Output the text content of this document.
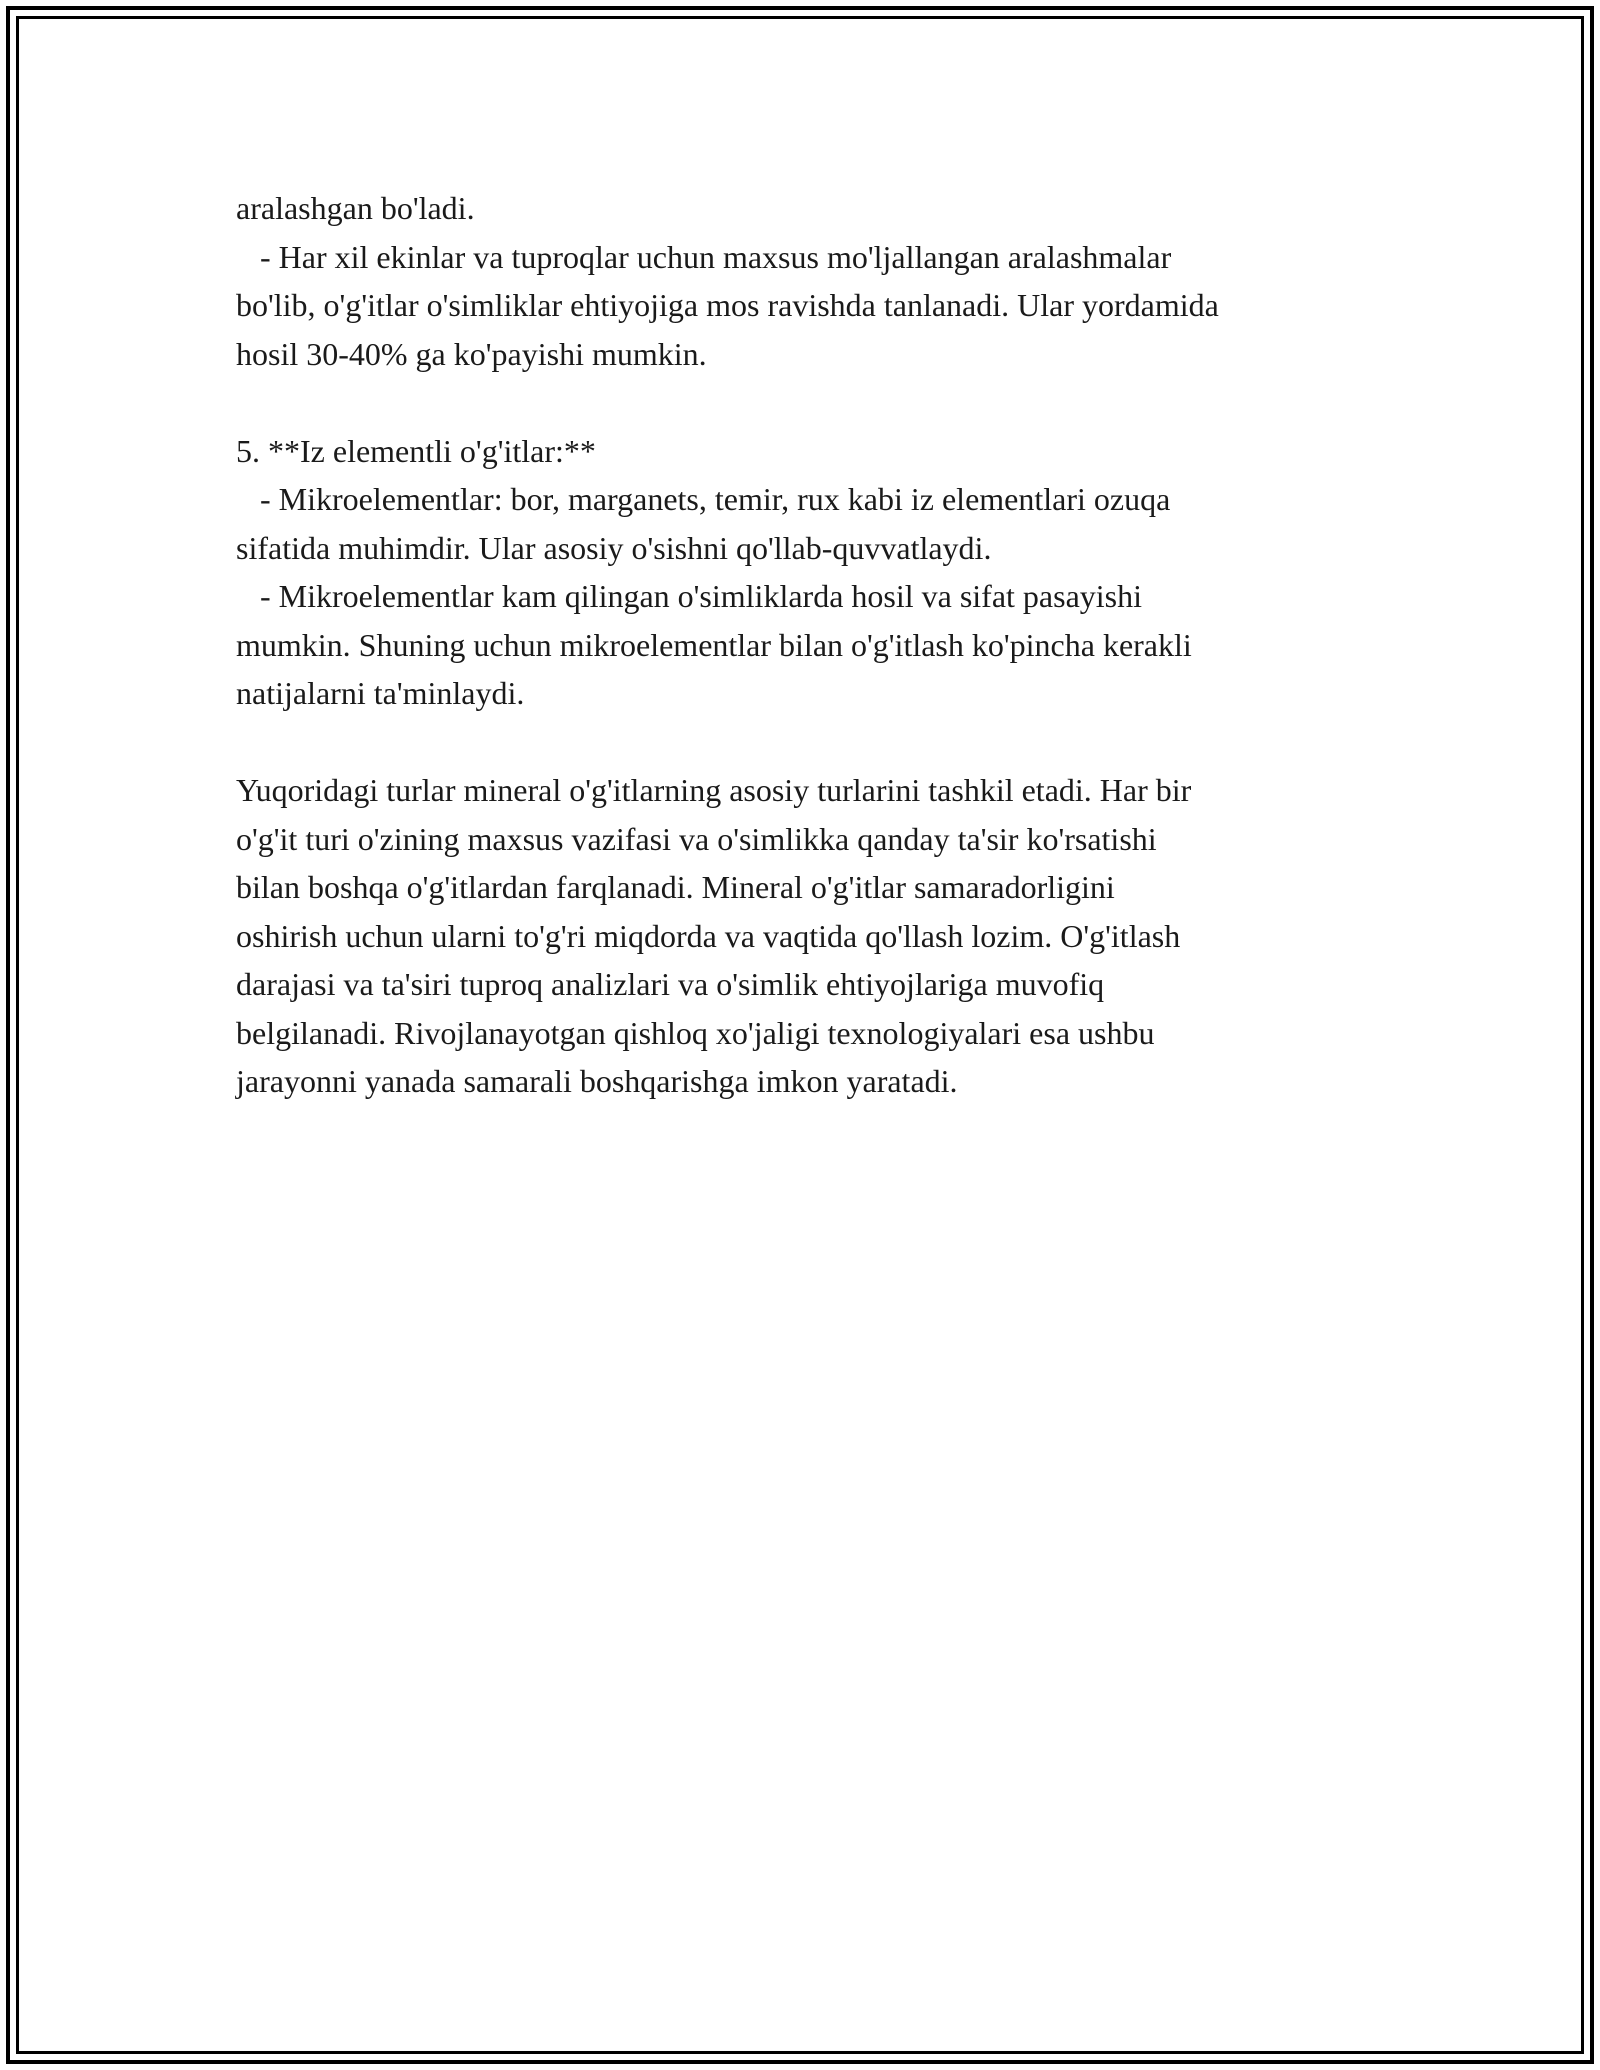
aralashgan bo'ladi.
- Har xil ekinlar va tuproqlar uchun maxsus mo'ljallangan aralashmalar
bo'lib, o'g'itlar o'simliklar ehtiyojiga mos ravishda tanlanadi. Ular yordamida
hosil 30-40% ga ko'payishi mumkin.
5. **Iz elementli o'g'itlar:**
- Mikroelementlar: bor, marganets, temir, rux kabi iz elementlari ozuqa
sifatida muhimdir. Ular asosiy o'sishni qo'llab-quvvatlaydi.
- Mikroelementlar kam qilingan o'simliklarda hosil va sifat pasayishi
mumkin. Shuning uchun mikroelementlar bilan o'g'itlash ko'pincha kerakli
natijalarni ta'minlaydi.
Yuqoridagi turlar mineral o'g'itlarning asosiy turlarini tashkil etadi. Har bir
o'g'it turi o'zining maxsus vazifasi va o'simlikka qanday ta'sir ko'rsatishi
bilan boshqa o'g'itlardan farqlanadi. Mineral o'g'itlar samaradorligini
oshirish uchun ularni to'g'ri miqdorda va vaqtida qo'llash lozim. O'g'itlash
darajasi va ta'siri tuproq analizlari va o'simlik ehtiyojlariga muvofiq
belgilanadi. Rivojlanayotgan qishloq xo'jaligi texnologiyalari esa ushbu
jarayonni yanada samarali boshqarishga imkon yaratadi.
